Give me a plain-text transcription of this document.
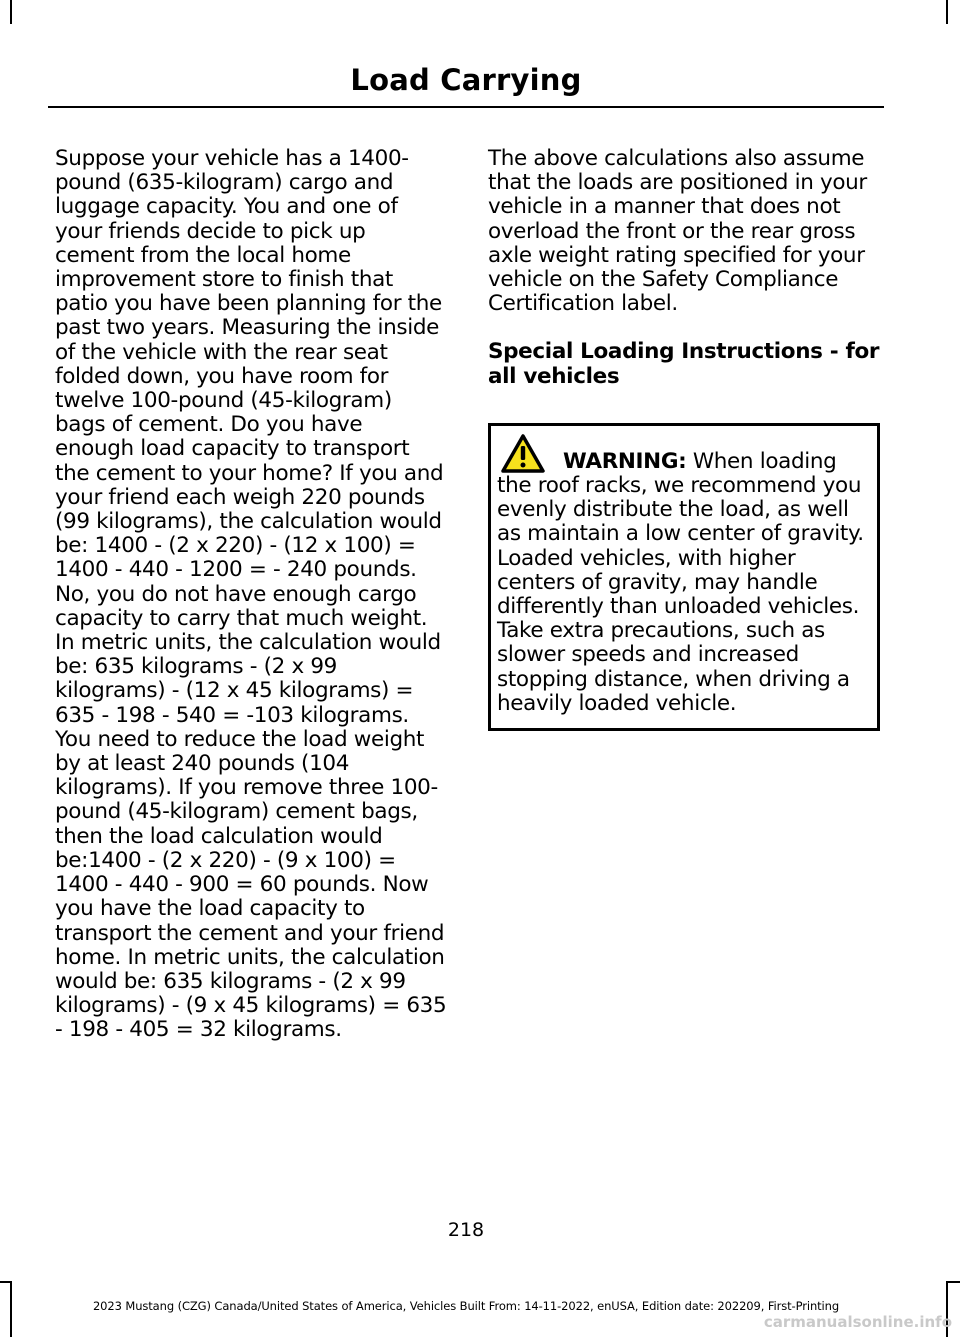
Load Carrying

Suppose your vehicle has a 1400-pound (635-kilogram) cargo and luggage capacity. You and one of your friends decide to pick up cement from the local home improvement store to finish that patio you have been planning for the past two years. Measuring the inside of the vehicle with the rear seat folded down, you have room for twelve 100-pound (45-kilogram) bags of cement. Do you have enough load capacity to transport the cement to your home? If you and your friend each weigh 220 pounds (99 kilograms), the calculation would be: 1400 - (2 x 220) - (12 x 100) = 1400 - 440 - 1200 = - 240 pounds. No, you do not have enough cargo capacity to carry that much weight. In metric units, the calculation would be: 635 kilograms - (2 x 99 kilograms) - (12 x 45 kilograms) = 635 - 198 - 540 = -103 kilograms. You need to reduce the load weight by at least 240 pounds (104 kilograms). If you remove three 100-pound (45-kilogram) cement bags, then the load calculation would be:1400 - (2 x 220) - (9 x 100) = 1400 - 440 - 900 = 60 pounds. Now you have the load capacity to transport the cement and your friend home. In metric units, the calculation would be: 635 kilograms - (2 x 99 kilograms) - (9 x 45 kilograms) = 635 - 198 - 405 = 32 kilograms.

The above calculations also assume that the loads are positioned in your vehicle in a manner that does not overload the front or the rear gross axle weight rating specified for your vehicle on the Safety Compliance Certification label.

Special Loading Instructions - for all vehicles

WARNING: When loading the roof racks, we recommend you evenly distribute the load, as well as maintain a low center of gravity. Loaded vehicles, with higher centers of gravity, may handle differently than unloaded vehicles. Take extra precautions, such as slower speeds and increased stopping distance, when driving a heavily loaded vehicle.
218
2023 Mustang (CZG) Canada/United States of America, Vehicles Built From: 14-11-2022, enUSA, Edition date: 202209, First-Printing
carmanualsonline.info
